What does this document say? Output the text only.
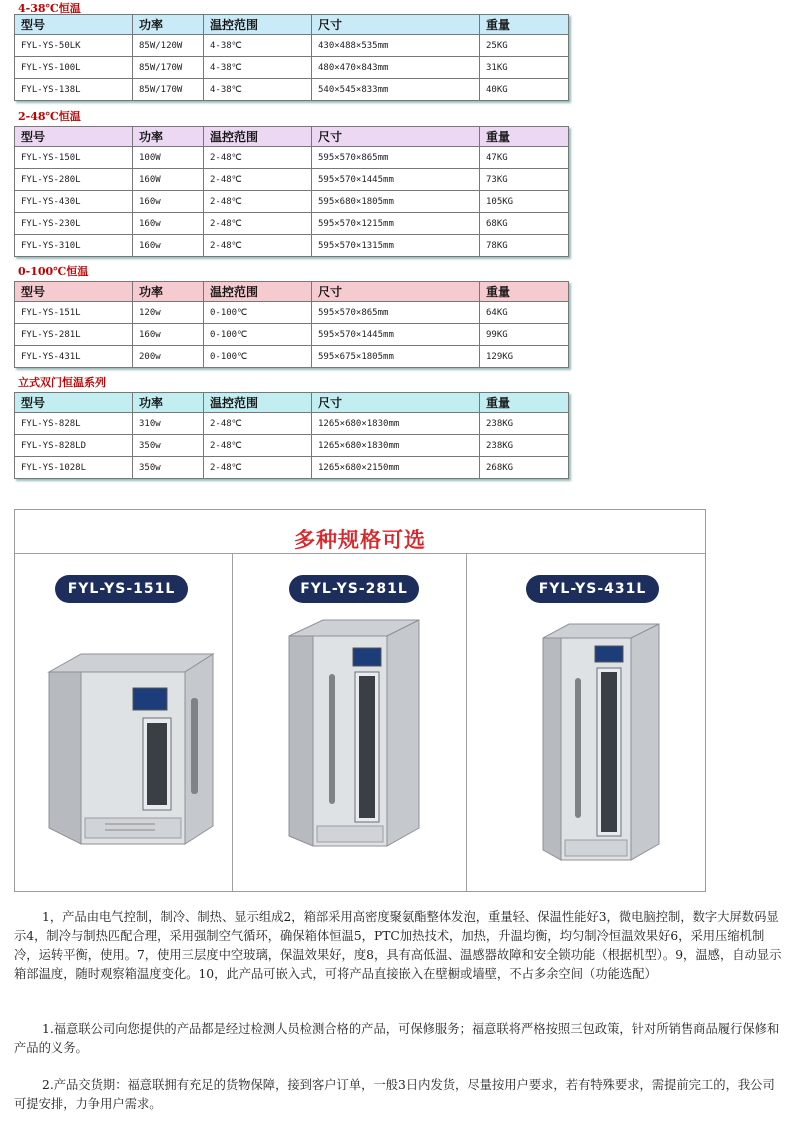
4-38℃恒温
型号	功率	温控范围	尺寸	重量
FYL-YS-50LK	85W/120W	4-38℃	430×488×535mm	25KG
FYL-YS-100L	85W/170W	4-38℃	480×470×843mm	31KG
FYL-YS-138L	85W/170W	4-38℃	540×545×833mm	40KG
2-48℃恒温
型号	功率	温控范围	尺寸	重量
FYL-YS-150L	100W	2-48℃	595×570×865mm	47KG
FYL-YS-280L	160W	2-48℃	595×570×1445mm	73KG
FYL-YS-430L	160w	2-48℃	595×680×1805mm	105KG
FYL-YS-230L	160w	2-48℃	595×570×1215mm	68KG
FYL-YS-310L	160w	2-48℃	595×570×1315mm	78KG
0-100℃恒温
型号	功率	温控范围	尺寸	重量
FYL-YS-151L	120w	0-100℃	595×570×865mm	64KG
FYL-YS-281L	160w	0-100℃	595×570×1445mm	99KG
FYL-YS-431L	200w	0-100℃	595×675×1805mm	129KG
立式双门恒温系列
型号	功率	温控范围	尺寸	重量
FYL-YS-828L	310w	2-48℃	1265×680×1830mm	238KG
FYL-YS-828LD	350w	2-48℃	1265×680×1830mm	238KG
FYL-YS-1028L	350w	2-48℃	1265×680×2150mm	268KG
多种规格可选
FYL-YS-151L	FYL-YS-281L	FYL-YS-431L
1，产品由电气控制，制冷、制热、显示组成2，箱部采用高密度聚氨酯整体发泡，重量轻、保温性能好3，微电脑控制，数字大屏数码显示4，制冷与制热匹配合理，采用强制空气循环，确保箱体恒温5，PTC加热技术，加热，升温均衡，均匀制冷恒温效果好6，采用压缩机制冷，运转平衡，使用。7，使用三层度中空玻璃，保温效果好，度8，具有高低温、温感器故障和安全锁功能（根据机型）。9，温感，自动显示箱部温度，随时观察箱温度变化。10，此产品可嵌入式，可将产品直接嵌入在壁橱或墙壁，不占多余空间（功能选配）
1.福意联公司向您提供的产品都是经过检测人员检测合格的产品，可保修服务；福意联将严格按照三包政策，针对所销售商品履行保修和产品的义务。
2.产品交货期：福意联拥有充足的货物保障，接到客户订单，一般3日内发货，尽量按用户要求，若有特殊要求，需提前完工的，我公司可提安排，力争用户需求。
